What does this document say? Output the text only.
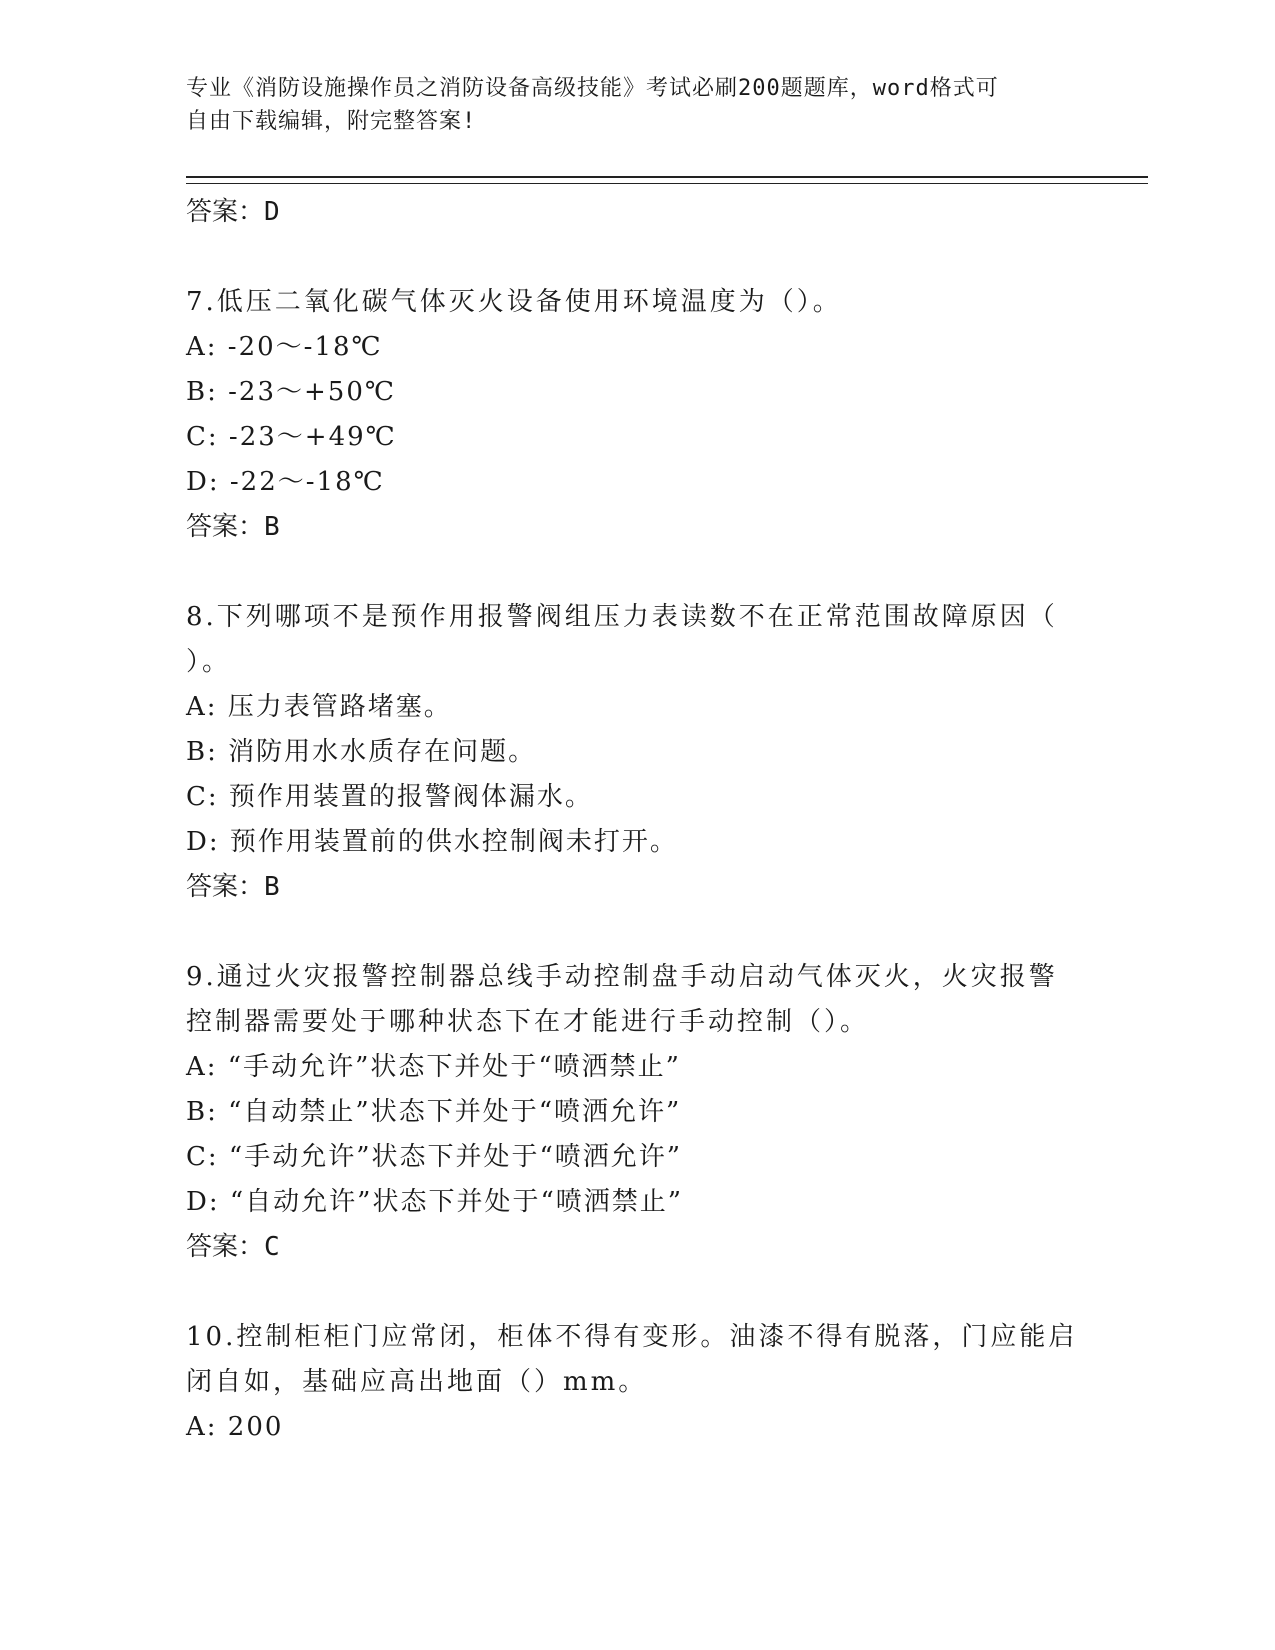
专业《消防设施操作员之消防设备高级技能》考试必刷200题题库，word格式可
自由下载编辑，附完整答案!
答案：D
7.低压二氧化碳气体灭火设备使用环境温度为（）。
A: -20～-18℃
B: -23～+50℃
C: -23～+49℃
D: -22～-18℃
答案：B
8.下列哪项不是预作用报警阀组压力表读数不在正常范围故障原因（
）。
A: 压力表管路堵塞。
B: 消防用水水质存在问题。
C: 预作用装置的报警阀体漏水。
D: 预作用装置前的供水控制阀未打开。
答案：B
9.通过火灾报警控制器总线手动控制盘手动启动气体灭火，火灾报警
控制器需要处于哪种状态下在才能进行手动控制（）。
A: “手动允许”状态下并处于“喷洒禁止”
B: “自动禁止”状态下并处于“喷洒允许”
C: “手动允许”状态下并处于“喷洒允许”
D: “自动允许”状态下并处于“喷洒禁止”
答案：C
10.控制柜柜门应常闭，柜体不得有变形。油漆不得有脱落，门应能启
闭自如，基础应高出地面（）mm。
A: 200
